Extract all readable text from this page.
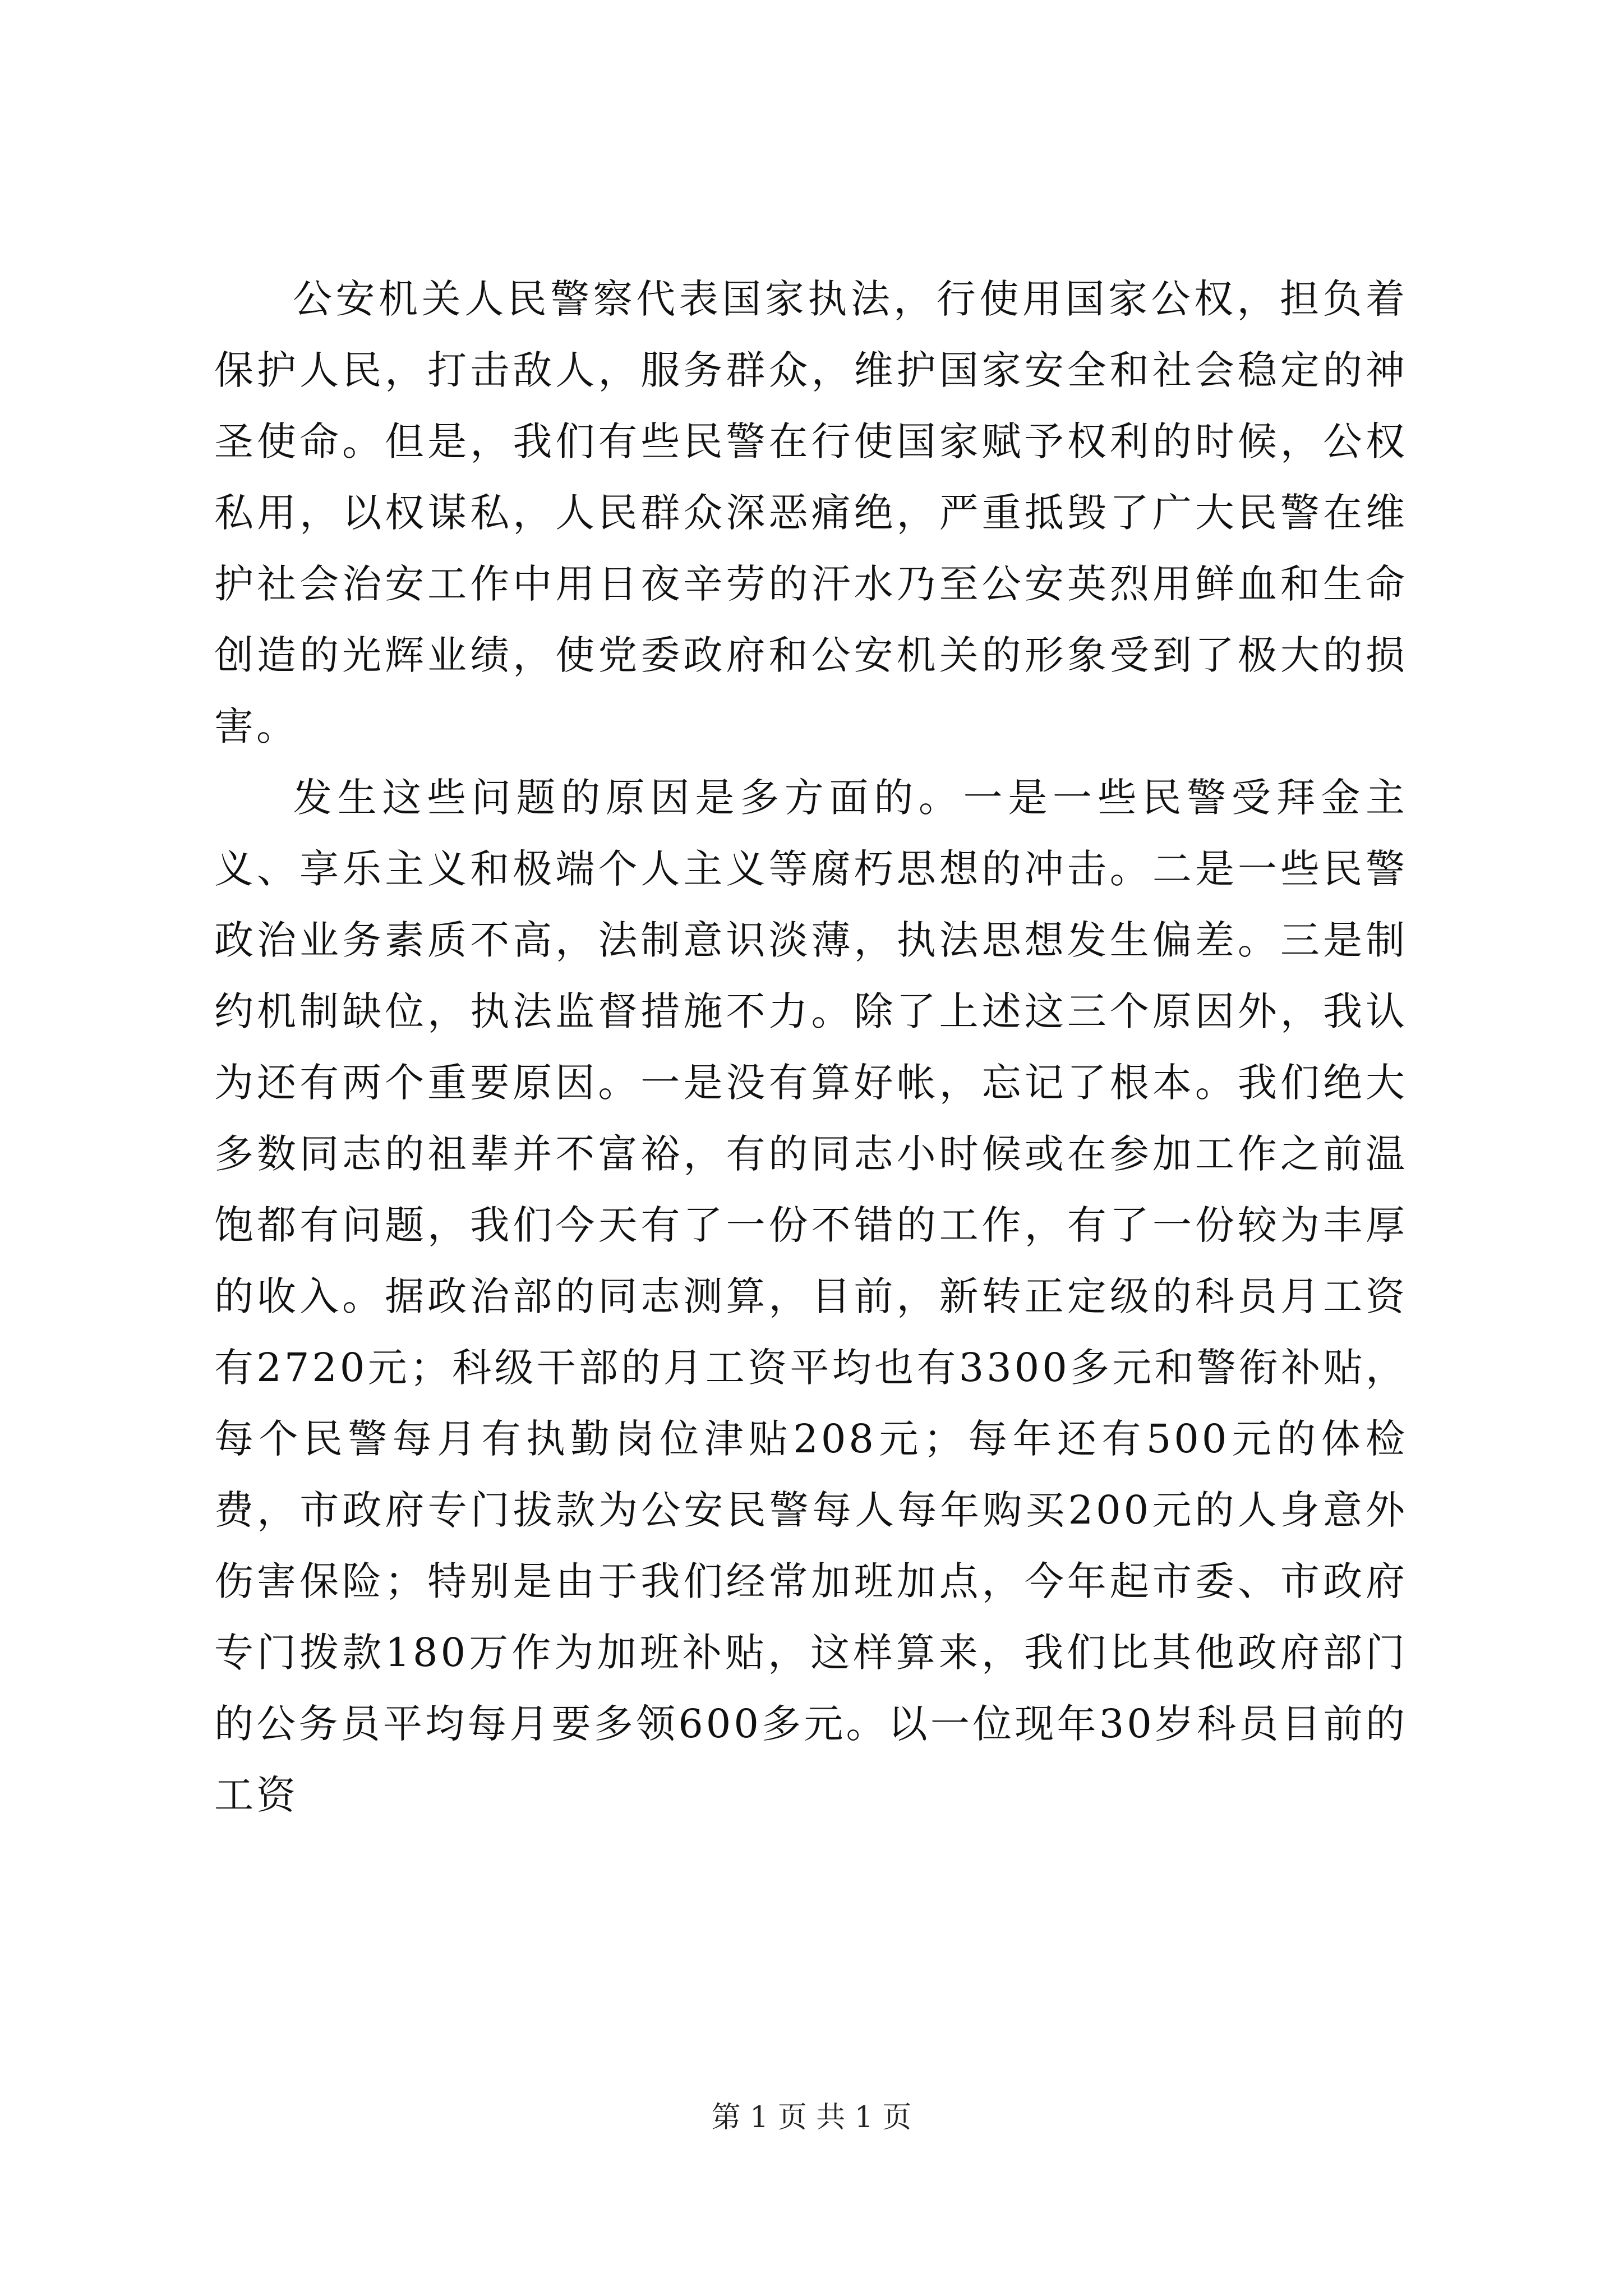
公安机关人民警察代表国家执法，行使用国家公权，担负着保护人民，打击敌人，服务群众，维护国家安全和社会稳定的神圣使命。但是，我们有些民警在行使国家赋予权利的时候，公权私用，以权谋私，人民群众深恶痛绝，严重抵毁了广大民警在维护社会治安工作中用日夜辛劳的汗水乃至公安英烈用鲜血和生命创造的光辉业绩，使党委政府和公安机关的形象受到了极大的损害。

发生这些问题的原因是多方面的。一是一些民警受拜金主义、享乐主义和极端个人主义等腐朽思想的冲击。二是一些民警政治业务素质不高，法制意识淡薄，执法思想发生偏差。三是制约机制缺位，执法监督措施不力。除了上述这三个原因外，我认为还有两个重要原因。一是没有算好帐，忘记了根本。我们绝大多数同志的祖辈并不富裕，有的同志小时候或在参加工作之前温饱都有问题，我们今天有了一份不错的工作，有了一份较为丰厚的收入。据政治部的同志测算，目前，新转正定级的科员月工资有2720元；科级干部的月工资平均也有3300多元和警衔补贴，每个民警每月有执勤岗位津贴208元；每年还有500元的体检费，市政府专门拔款为公安民警每人每年购买200元的人身意外伤害保险；特别是由于我们经常加班加点，今年起市委、市政府专门拨款180万作为加班补贴，这样算来，我们比其他政府部门的公务员平均每月要多领600多元。以一位现年30岁科员目前的工资

第 1 页 共 1 页
